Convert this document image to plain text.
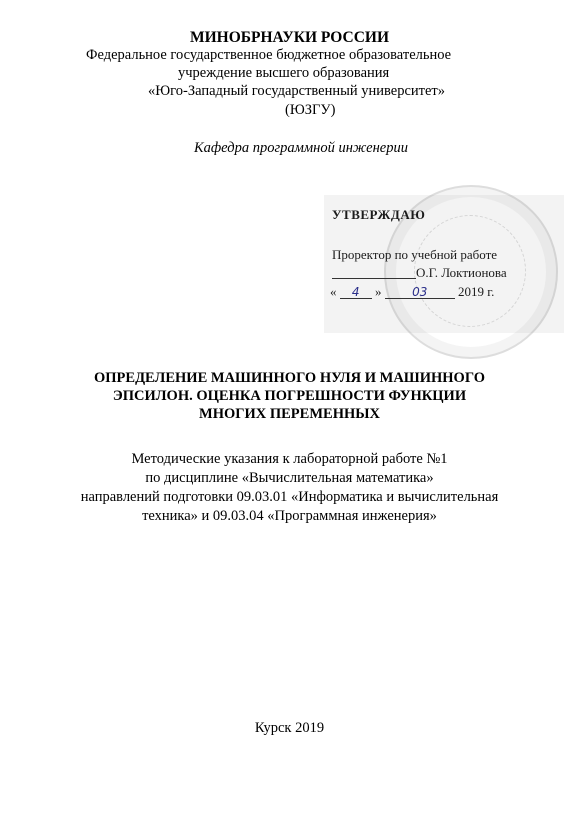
МИНОБРНАУКИ РОССИИ
Федеральное государственное бюджетное образовательное
учреждение высшего образования
«Юго-Западный государственный университет»
(ЮЗГУ)
Кафедра программной инженерии
УТВЕРЖДАЮ
Проректор по учебной работе
О.Г. Локтионова
« 4 »	03 2019 г.
ОПРЕДЕЛЕНИЕ МАШИННОГО НУЛЯ И МАШИННОГО
ЭПСИЛОН. ОЦЕНКА ПОГРЕШНОСТИ ФУНКЦИИ
МНОГИХ ПЕРЕМЕННЫХ
Методические указания к лабораторной работе №1
по дисциплине «Вычислительная математика»
направлений подготовки 09.03.01 «Информатика и вычислительная
техника» и 09.03.04 «Программная инженерия»
Курск 2019
